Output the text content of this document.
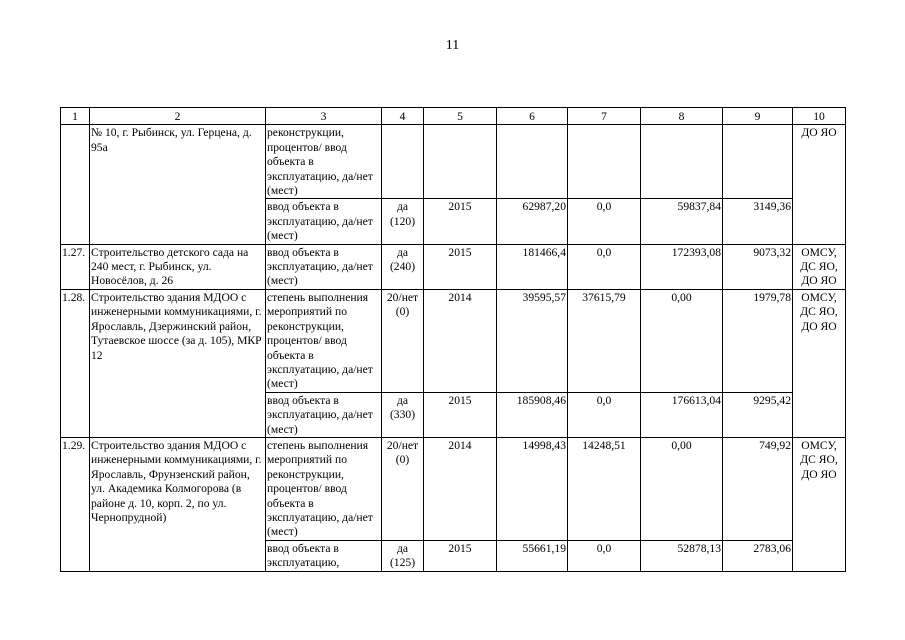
11
1	2	3	4	5	6	7	8	9	10
	№ 10, г. Рыбинск, ул. Герцена, д. 95а	реконструкции, процентов/ ввод объекта в эксплуатацию, да/нет (мест)							ДО ЯО
		ввод объекта в эксплуатацию, да/нет (мест)	да (120)	2015	62987,20	0,0	59837,84	3149,36	
1.27.	Строительство детского сада на 240 мест, г. Рыбинск, ул. Новосёлов, д. 26	ввод объекта в эксплуатацию, да/нет (мест)	да (240)	2015	181466,4	0,0	172393,08	9073,32	ОМСУ, ДС ЯО, ДО ЯО
1.28.	Строительство здания МДОО с инженерными коммуникациями, г. Ярославль, Дзержинский район, Тутаевское шоссе (за д. 105), МКР 12	степень выполнения мероприятий по реконструкции, процентов/ ввод объекта в эксплуатацию, да/нет (мест)	20/нет (0)	2014	39595,57	37615,79	0,00	1979,78	ОМСУ, ДС ЯО, ДО ЯО
		ввод объекта в эксплуатацию, да/нет (мест)	да (330)	2015	185908,46	0,0	176613,04	9295,42	
1.29.	Строительство здания МДОО с инженерными коммуникациями, г. Ярославль, Фрунзенский район, ул. Академика Колмогорова (в районе д. 10, корп. 2, по ул. Чернопрудной)	степень выполнения мероприятий по реконструкции, процентов/ ввод объекта в эксплуатацию, да/нет (мест)	20/нет (0)	2014	14998,43	14248,51	0,00	749,92	ОМСУ, ДС ЯО, ДО ЯО
		ввод объекта в эксплуатацию,	да (125)	2015	55661,19	0,0	52878,13	2783,06	
